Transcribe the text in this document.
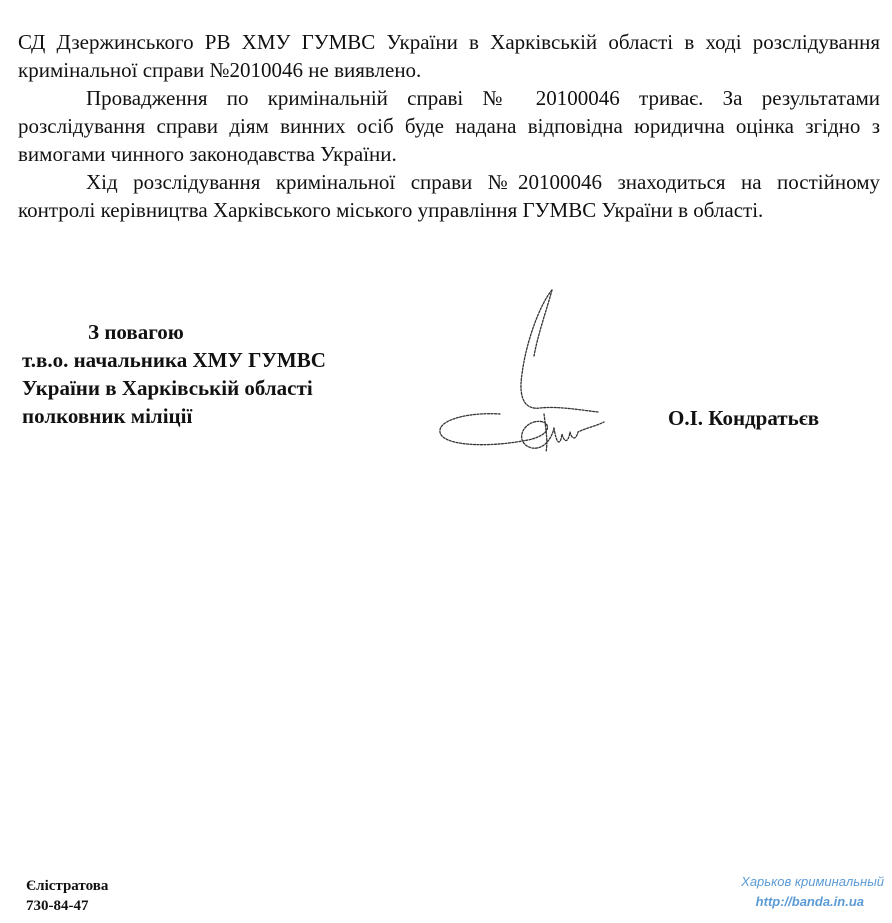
СД Дзержинського РВ ХМУ ГУМВС України в Харківській області в ході розслідування кримінальної справи №2010046 не виявлено.

Провадження по кримінальній справі № 20100046 триває. За результатами розслідування справи діям винних осіб буде надана відповідна юридична оцінка згідно з вимогами чинного законодавства України.

Хід розслідування кримінальної справи №20100046 знаходиться на постійному контролі керівництва Харківського міського управління ГУМВС України в області.

З повагою
т.в.о. начальника ХМУ ГУМВС
України в Харківській області
полковник міліції	О.І. Кондратьєв
Єлістратова
730-84-47
Харьков криминальный
http://banda.in.ua
